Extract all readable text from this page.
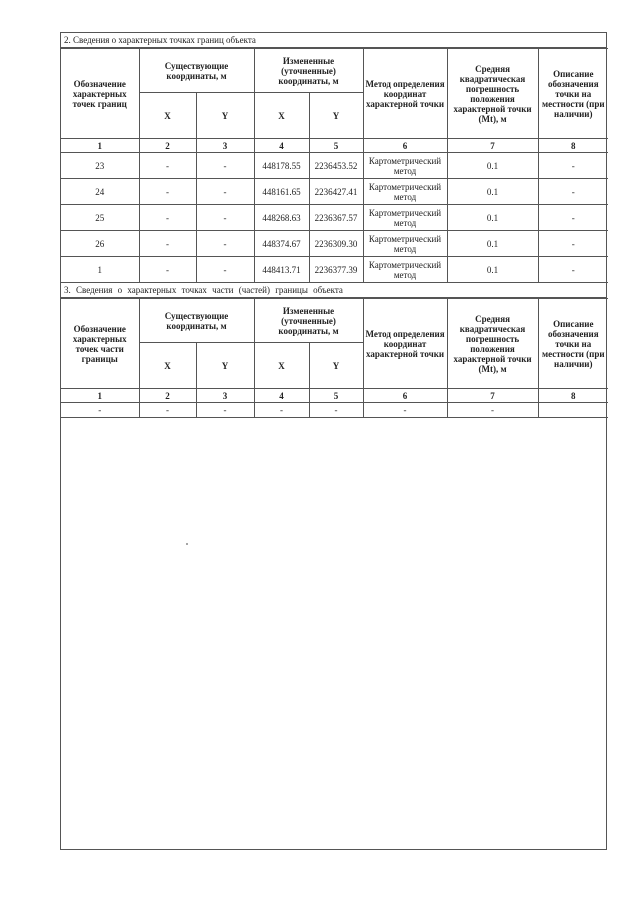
2. Сведения о характерных точках границ объекта
Обозначение характерных точек границ	Существующие координаты, м		Измененные (уточненные) координаты, м		Метод определения координат характерной точки	Средняя квадратическая погрешность положения характерной точки (Mt), м	Описание обозначения точки на местности (при наличии)
	X	Y	X	Y			
1	2	3	4	5	6	7	8
23	-	-	448178.55	2236453.52	Картометрический метод	0.1	-
24	-	-	448161.65	2236427.41	Картометрический метод	0.1	-
25	-	-	448268.63	2236367.57	Картометрический метод	0.1	-
26	-	-	448374.67	2236309.30	Картометрический метод	0.1	-
1	-	-	448413.71	2236377.39	Картометрический метод	0.1	-
3. Сведения о характерных точках части (частей) границы объекта
Обозначение характерных точек части границы	Существующие координаты, м		Измененные (уточненные) координаты, м		Метод определения координат характерной точки	Средняя квадратическая погрешность положения характерной точки (Mt), м	Описание обозначения точки на местности (при наличии)
	X	Y	X	Y			
1	2	3	4	5	6	7	8
-	-	-	-	-	-	-	
